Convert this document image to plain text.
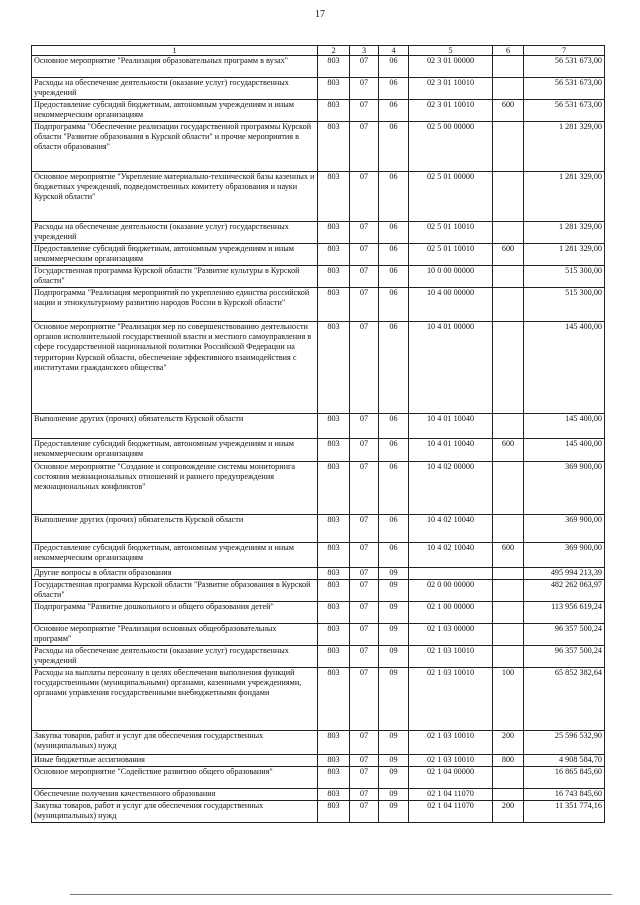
17
1	2	3	4	5	6	7
Основное мероприятие "Реализация образовательных программ в вузах"	803	07	06	02 3 01 00000		56 531 673,00
Расходы на обеспечение деятельности (оказание услуг) государственных учреждений	803	07	06	02 3 01 10010		56 531 673,00
Предоставление субсидий бюджетным, автономным учреждениям и иным некоммерческим организациям	803	07	06	02 3 01 10010	600	56 531 673,00
Подпрограмма "Обеспечение реализации государственной программы Курской области "Развитие образования в Курской области" и прочие мероприятия в области образования"	803	07	06	02 5 00 00000		1 281 329,00
Основное мероприятие "Укрепление материально-технической базы казенных и бюджетных учреждений, подведомственных комитету образования и науки Курской области"	803	07	06	02 5 01 00000		1 281 329,00
Расходы на обеспечение деятельности (оказание услуг) государственных учреждений	803	07	06	02 5 01 10010		1 281 329,00
Предоставление субсидий бюджетным, автономным учреждениям и иным некоммерческим организациям	803	07	06	02 5 01 10010	600	1 281 329,00
Государственная программа Курской области "Развитие культуры в Курской области"	803	07	06	10 0 00 00000		515 300,00
Подпрограмма "Реализация мероприятий по укреплению единства российской нации и этнокультурному развитию народов России в Курской области"	803	07	06	10 4 00 00000		515 300,00
Основное мероприятие "Реализация мер по совершенствованию деятельности органов исполнительной государственной власти и местного самоуправления в сфере государственной национальной политики Российской Федерации на территории Курской области, обеспечение эффективного взаимодействия с институтами гражданского общества"	803	07	06	10 4 01 00000		145 400,00
Выполнение других (прочих) обязательств Курской области	803	07	06	10 4 01 10040		145 400,00
Предоставление субсидий бюджетным, автономным учреждениям и иным некоммерческим организациям	803	07	06	10 4 01 10040	600	145 400,00
Основное мероприятие "Создание и сопровождение системы мониторинга состояния межнациональных отношений и раннего предупреждения межнациональных конфликтов"	803	07	06	10 4 02 00000		369 900,00
Выполнение других (прочих) обязательств Курской области	803	07	06	10 4 02 10040		369 900,00
Предоставление субсидий бюджетным, автономным учреждениям и иным некоммерческим организациям	803	07	06	10 4 02 10040	600	369 900,00
Другие вопросы в области образования	803	07	09			495 994 213,39
Государственная программа Курской области "Развитие образования в Курской области"	803	07	09	02 0 00 00000		482 262 063,97
Подпрограмма "Развитие дошкольного и общего образования детей"	803	07	09	02 1 00 00000		113 956 619,24
Основное мероприятие "Реализация основных общеобразовательных программ"	803	07	09	02 1 03 00000		96 357 500,24
Расходы на обеспечение деятельности (оказание услуг) государственных учреждений	803	07	09	02 1 03 10010		96 357 500,24
Расходы на выплаты персоналу в целях обеспечения выполнения функций государственными (муниципальными) органами, казенными учреждениями, органами управления государственными внебюджетными фондами	803	07	09	02 1 03 10010	100	65 852 382,64
Закупка товаров, работ и услуг для обеспечения государственных (муниципальных) нужд	803	07	09	02 1 03 10010	200	25 596 532,90
Иные бюджетные ассигнования	803	07	09	02 1 03 10010	800	4 908 584,70
Основное мероприятие "Содействие развитию общего образования"	803	07	09	02 1 04 00000		16 865 845,60
Обеспечение получения качественного образования	803	07	09	02 1 04 11070		16 743 845,60
Закупка товаров, работ и услуг для обеспечения государственных (муниципальных) нужд	803	07	09	02 1 04 11070	200	11 351 774,16
